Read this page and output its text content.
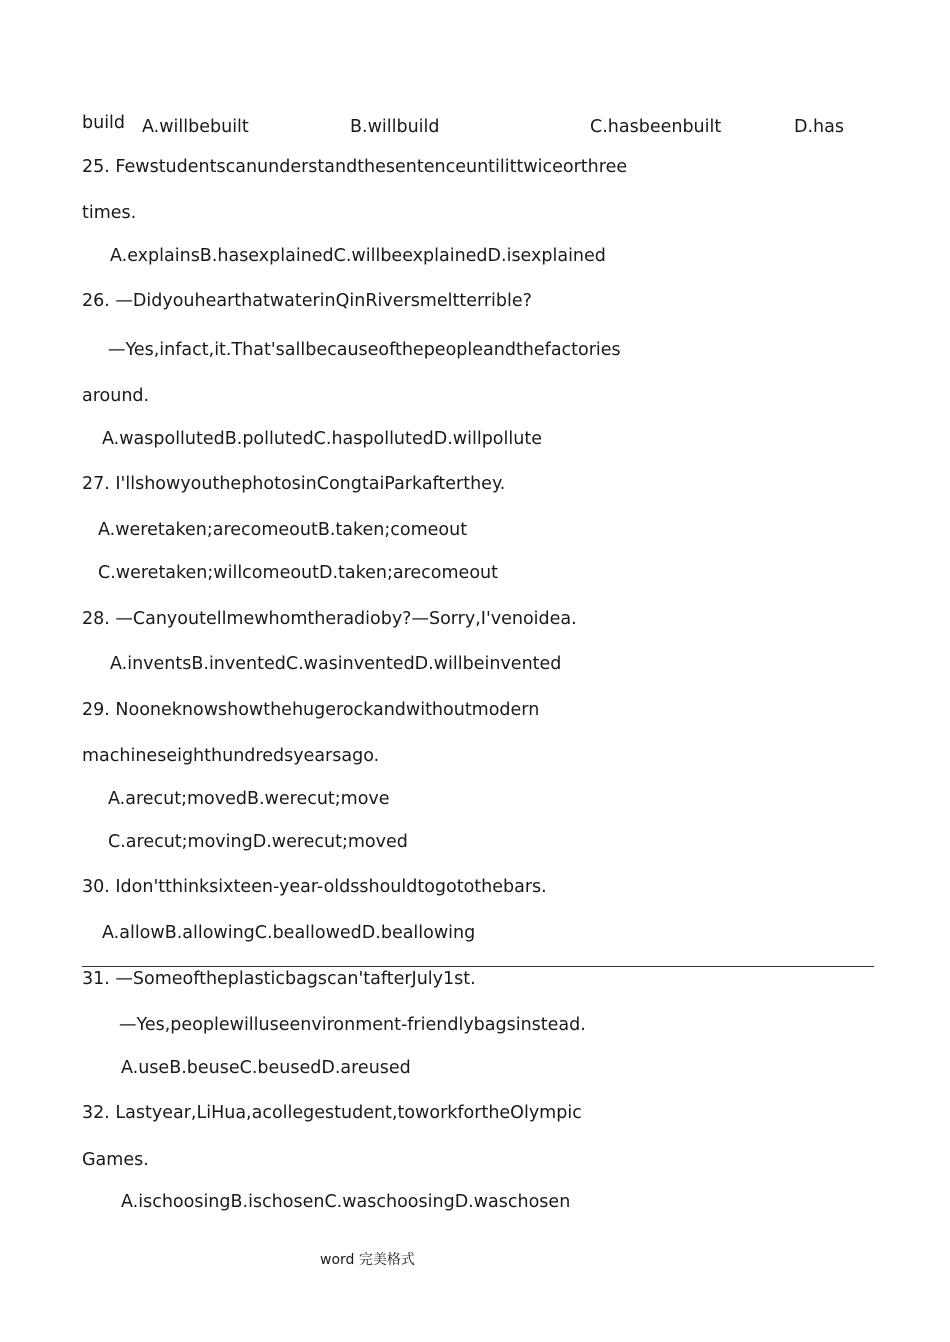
build A.willbebuilt	B.willbuild	C.hasbeenbuilt	D.has
25. Fewstudentscanunderstandthesentenceuntilittwiceorthree
times.
A.explainsB.hasexplainedC.willbeexplainedD.isexplained
26. —DidyouhearthatwaterinQinRiversmeltterrible?
—Yes,infact,it.That'sallbecauseofthepeopleandthefactories
around.
A.waspollutedB.pollutedC.haspollutedD.willpollute
27. I'llshowyouthephotosinCongtaiParkafterthey.
A.weretaken;arecomeoutB.taken;comeout
C.weretaken;willcomeoutD.taken;arecomeout
28. —Canyoutellmewhomtheradioby?—Sorry,I'venoidea.
A.inventsB.inventedC.wasinventedD.willbeinvented
29. Nooneknowshowthehugerockandwithoutmodern
machineseighthundredsyearsago.
A.arecut;movedB.werecut;move
C.arecut;movingD.werecut;moved
30. Idon'tthinksixteen-year-oldsshouldtogototheba​rs.
A.allowB.allowingC.beallowedD.beallowing
31. —Someoftheplasticbagscan'tafterJuly1st.
—Yes,peoplewilluseenvironment-friendlybagsinstead.
A.useB.beuseC.beusedD.areused
32. Lastyear,LiHua,acollegestudent,toworkfortheOlympic
Games.
A.ischoosingB.ischosenC.waschoosingD.waschosen
word 完美格式
